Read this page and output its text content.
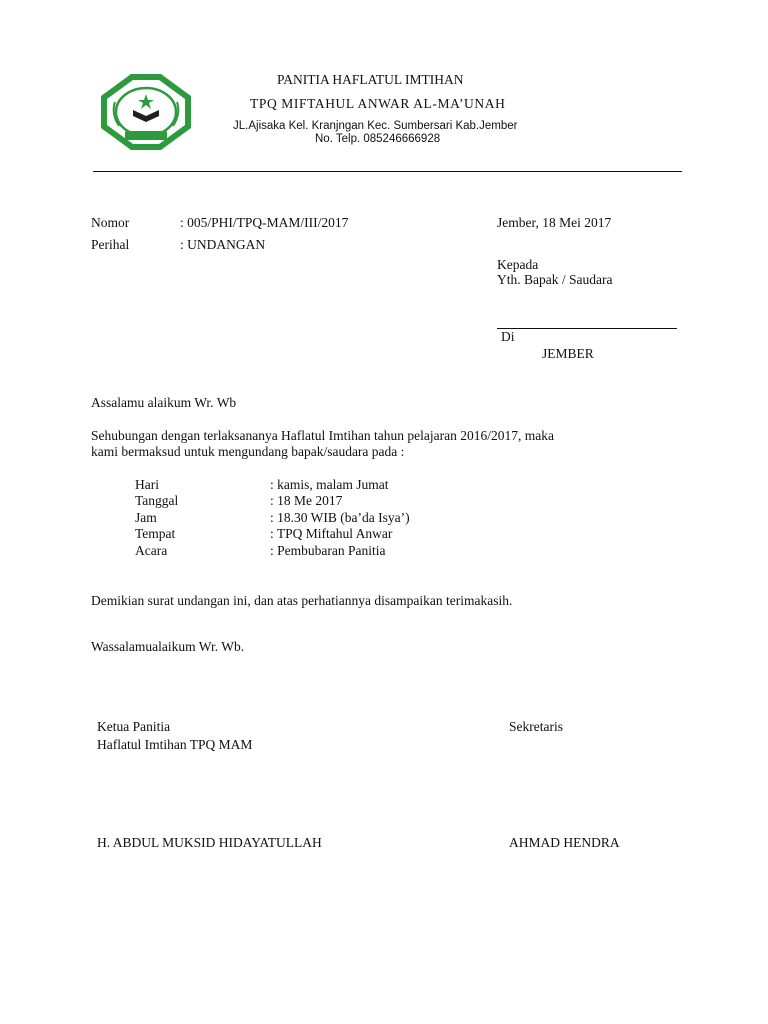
PANITIA HAFLATUL IMTIHAN
TPQ MIFTAHUL ANWAR AL-MA’UNAH
JL.Ajisaka Kel. Kranjngan Kec. Sumbersari Kab.Jember
No. Telp. 085246666928
Nomor	: 005/PHI/TPQ-MAM/III/2017
Perihal	: UNDANGAN
Jember, 18 Mei 2017
Kepada
Yth. Bapak / Saudara
Di
JEMBER
Assalamu alaikum Wr. Wb
Sehubungan dengan terlaksananya Haflatul Imtihan tahun pelajaran 2016/2017, maka
kami bermaksud untuk mengundang bapak/saudara pada :
Hari	: kamis, malam Jumat
Tanggal	: 18 Me 2017
Jam	: 18.30 WIB (ba’da Isya’)
Tempat	: TPQ Miftahul Anwar
Acara	: Pembubaran Panitia
Demikian surat undangan ini, dan atas perhatiannya disampaikan terimakasih.
Wassalamualaikum Wr. Wb.
Ketua Panitia
Haflatul Imtihan TPQ MAM
Sekretaris
H. ABDUL MUKSID HIDAYATULLAH	AHMAD HENDRA
